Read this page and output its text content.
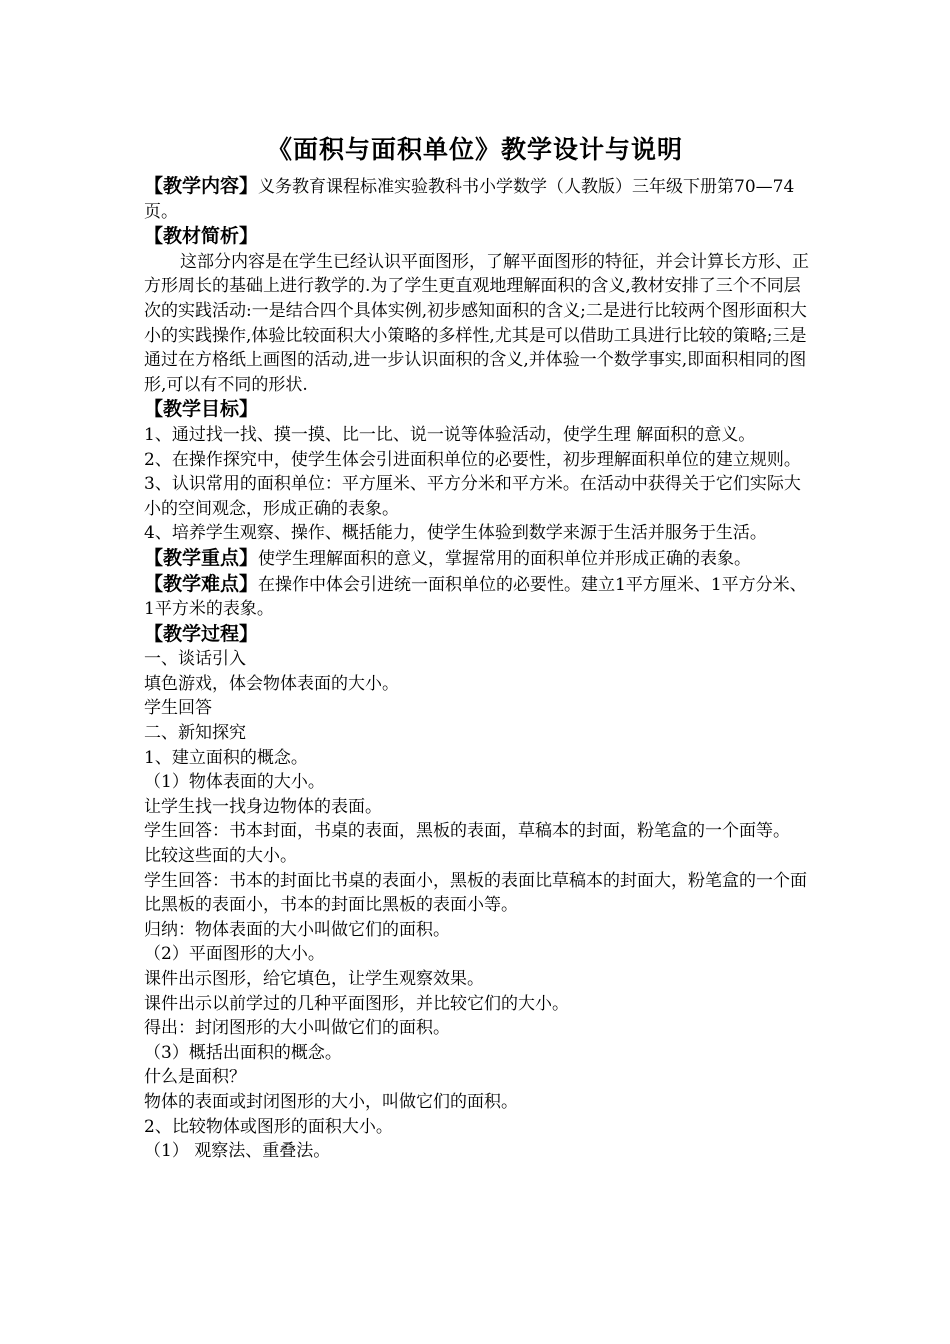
《面积与面积单位》教学设计与说明

【教学内容】义务教育课程标准实验教科书小学数学（人教版）三年级下册第70—74页。

【教材简析】

这部分内容是在学生已经认识平面图形，了解平面图形的特征，并会计算长方形、正方形周长的基础上进行教学的.为了学生更直观地理解面积的含义,教材安排了三个不同层次的实践活动:一是结合四个具体实例,初步感知面积的含义;二是进行比较两个图形面积大小的实践操作,体验比较面积大小策略的多样性,尤其是可以借助工具进行比较的策略;三是通过在方格纸上画图的活动,进一步认识面积的含义,并体验一个数学事实,即面积相同的图形,可以有不同的形状.

【教学目标】

1、通过找一找、摸一摸、比一比、说一说等体验活动，使学生理 解面积的意义。

2、在操作探究中，使学生体会引进面积单位的必要性，初步理解面积单位的建立规则。

3、认识常用的面积单位：平方厘米、平方分米和平方米。在活动中获得关于它们实际大小的空间观念，形成正确的表象。

4、培养学生观察、操作、概括能力，使学生体验到数学来源于生活并服务于生活。

【教学重点】使学生理解面积的意义，掌握常用的面积单位并形成正确的表象。

【教学难点】在操作中体会引进统一面积单位的必要性。建立1平方厘米、1平方分米、1平方米的表象。

【教学过程】

一、谈话引入

填色游戏，体会物体表面的大小。

学生回答

二、新知探究

1、建立面积的概念。

（1）物体表面的大小。

让学生找一找身边物体的表面。

学生回答：书本封面，书桌的表面，黑板的表面，草稿本的封面，粉笔盒的一个面等。

比较这些面的大小。

学生回答：书本的封面比书桌的表面小，黑板的表面比草稿本的封面大，粉笔盒的一个面比黑板的表面小，书本的封面比黑板的表面小等。

归纳：物体表面的大小叫做它们的面积。

（2）平面图形的大小。

课件出示图形，给它填色，让学生观察效果。

课件出示以前学过的几种平面图形，并比较它们的大小。

得出：封闭图形的大小叫做它们的面积。

（3）概括出面积的概念。

什么是面积？

物体的表面或封闭图形的大小，叫做它们的面积。

2、比较物体或图形的面积大小。

（1） 观察法、重叠法。
